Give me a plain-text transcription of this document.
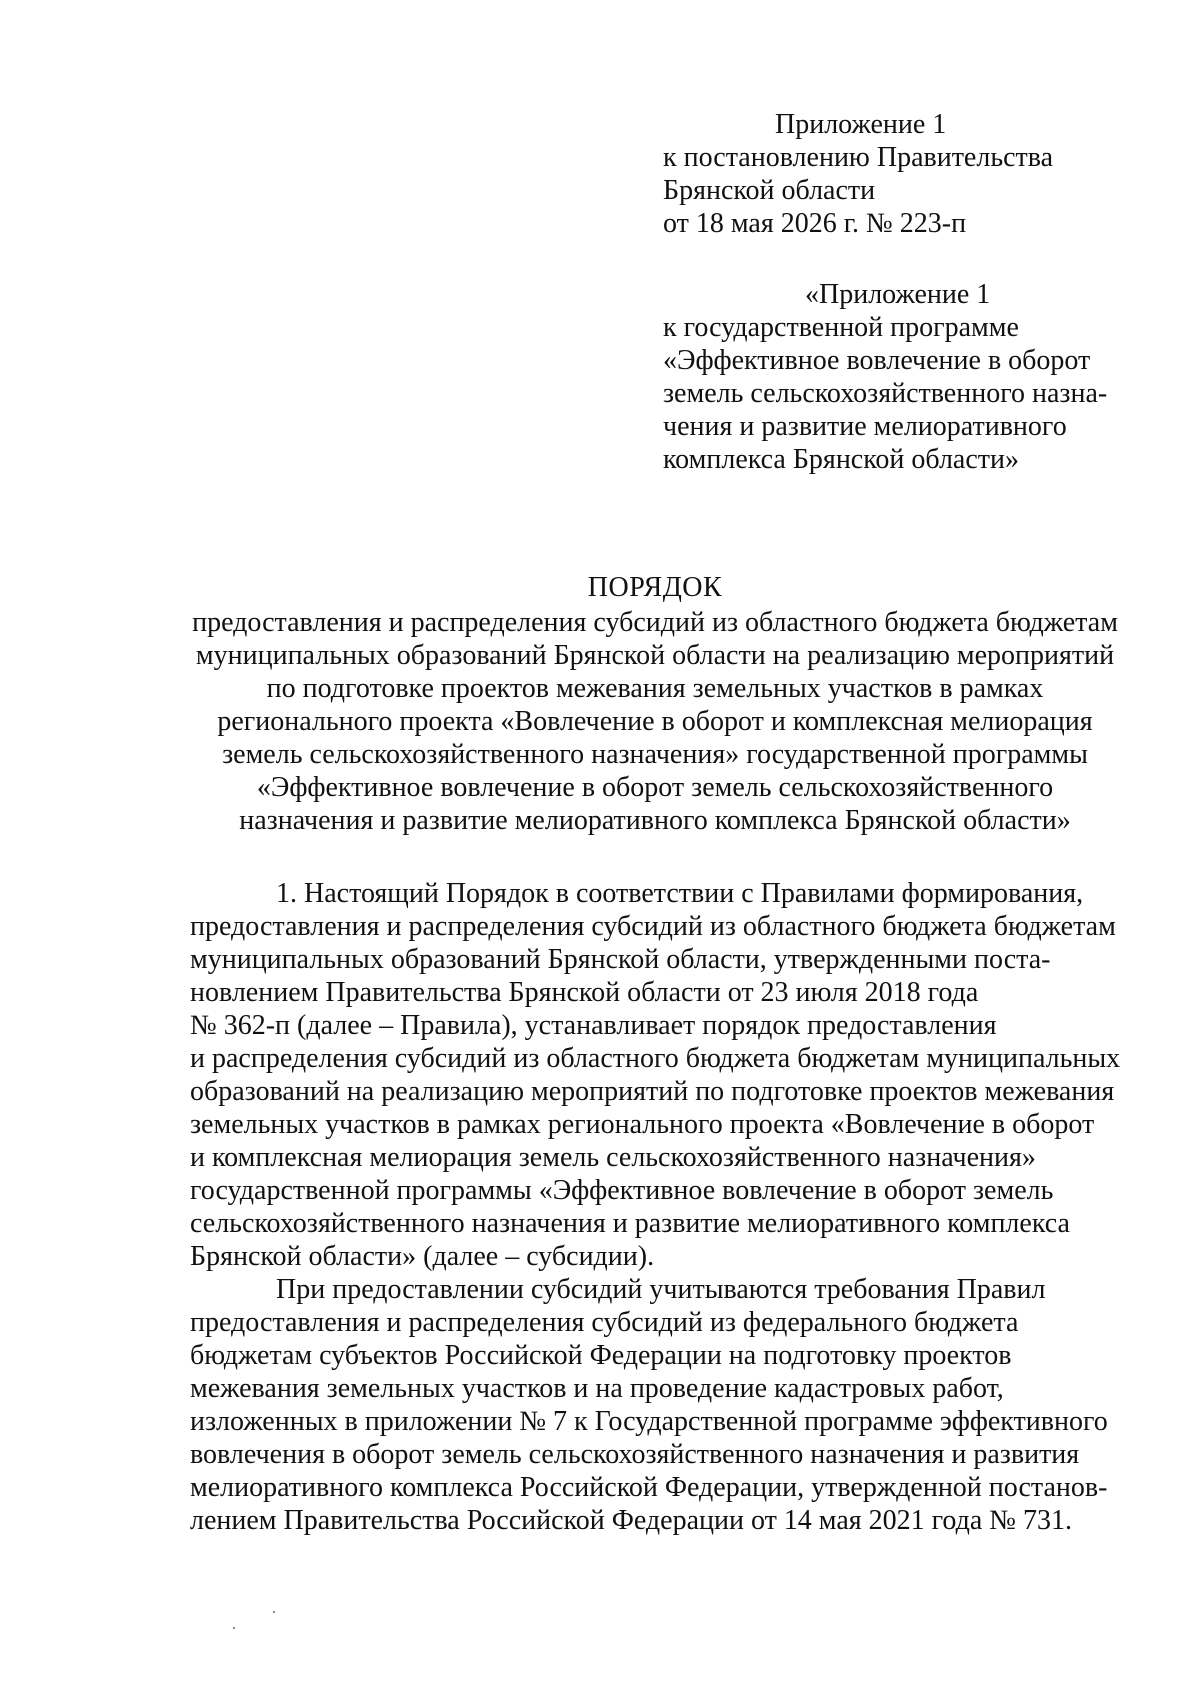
Приложение 1
к постановлению Правительства
Брянской области
от 18 мая 2026 г. № 223-п
«Приложение 1
к государственной программе
«Эффективное вовлечение в оборот
земель сельскохозяйственного назна-
чения и развитие мелиоративного
комплекса Брянской области»
ПОРЯДОК
предоставления и распределения субсидий из областного бюджета бюджетам
муниципальных образований Брянской области на реализацию мероприятий
по подготовке проектов межевания земельных участков в рамках
регионального проекта «Вовлечение в оборот и комплексная мелиорация
земель сельскохозяйственного назначения» государственной программы
«Эффективное вовлечение в оборот земель сельскохозяйственного
назначения и развитие мелиоративного комплекса Брянской области»
1. Настоящий Порядок в соответствии с Правилами формирования,
предоставления и распределения субсидий из областного бюджета бюджетам
муниципальных образований Брянской области, утвержденными поста-
новлением Правительства Брянской области от 23 июля 2018 года
№ 362-п (далее – Правила), устанавливает порядок предоставления
и распределения субсидий из областного бюджета бюджетам муниципальных
образований на реализацию мероприятий по подготовке проектов межевания
земельных участков в рамках регионального проекта «Вовлечение в оборот
и комплексная мелиорация земель сельскохозяйственного назначения»
государственной программы «Эффективное вовлечение в оборот земель
сельскохозяйственного назначения и развитие мелиоративного комплекса
Брянской области» (далее – субсидии).
При предоставлении субсидий учитываются требования Правил
предоставления и распределения субсидий из федерального бюджета
бюджетам субъектов Российской Федерации на подготовку проектов
межевания земельных участков и на проведение кадастровых работ,
изложенных в приложении № 7 к Государственной программе эффективного
вовлечения в оборот земель сельскохозяйственного назначения и развития
мелиоративного комплекса Российской Федерации, утвержденной постанов-
лением Правительства Российской Федерации от 14 мая 2021 года № 731.
